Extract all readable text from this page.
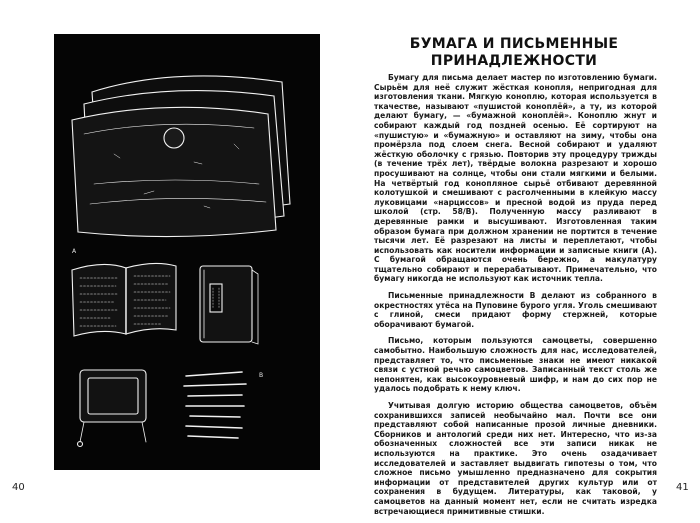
A
B
40
БУМАГА И ПИСЬМЕННЫЕ
ПРИНАДЛЕЖНОСТИ

Бумагу для письма делает мастер по изготовлению бумаги. Сырьём для неё служит жёсткая конопля, непригодная для изготовления ткани. Мягкую коноплю, которая используется в ткачестве, называют «пушистой коноплёй», а ту, из которой делают бумагу, — «бумажной коноплёй». Коноплю жнут и собирают каждый год поздней осенью. Её сортируют на «пушистую» и «бумажную» и оставляют на зиму, чтобы она промёрзла под слоем снега. Весной собирают и удаляют жёсткую оболочку с грязью. Повторив эту процедуру трижды (в течение трёх лет), твёрдые волокна разрезают и хорошо просушивают на солнце, чтобы они стали мягкими и белыми. На четвёртый год конопляное сырьё отбивают деревянной колотушкой и смешивают с расголченными в клейкую массу луковицами «нарциссов» и пресной водой из пруда перед школой (стр. 58/В). Полученную массу разливают в деревянные рамки и высушивают. Изготовленная таким образом бумага при должном хранении не портится в течение тысячи лет. Её разрезают на листы и переплетают, чтобы использовать как носители информации и записные книги (А). С бумагой обращаются очень бережно, а макулатуру тщательно собирают и перерабатывают. Примечательно, что бумагу никогда не используют как источник тепла.

Письменные принадлежности В делают из собранного в окрестностях утёса на Пуповине бурого угля. Уголь смешивают с глиной, смеси придают форму стержней, которые оборачивают бумагой.

Письмо, которым пользуются самоцветы, совершенно самобытно. Наибольшую сложность для нас, исследователей, представляет то, что письменные знаки не имеют никакой связи с устной речью самоцветов. Записанный текст столь же непонятен, как высокоуровневый шифр, и нам до сих пор не удалось подобрать к нему ключ.

Учитывая долгую историю общества самоцветов, объём сохранившихся записей необычайно мал. Почти все они представляют собой написанные прозой личные дневники. Сборников и антологий среди них нет. Интересно, что из-за обозначенных сложностей все эти записи никак не используются на практике. Это очень озадачивает исследователей и заставляет выдвигать гипотезы о том, что сложное письмо умышленно предназначено для сокрытия информации от представителей других культур или от сохранения в будущем. Литературы, как таковой, у самоцветов на данный момент нет, если не считать изредка встречающиеся примитивные стишки.

41
